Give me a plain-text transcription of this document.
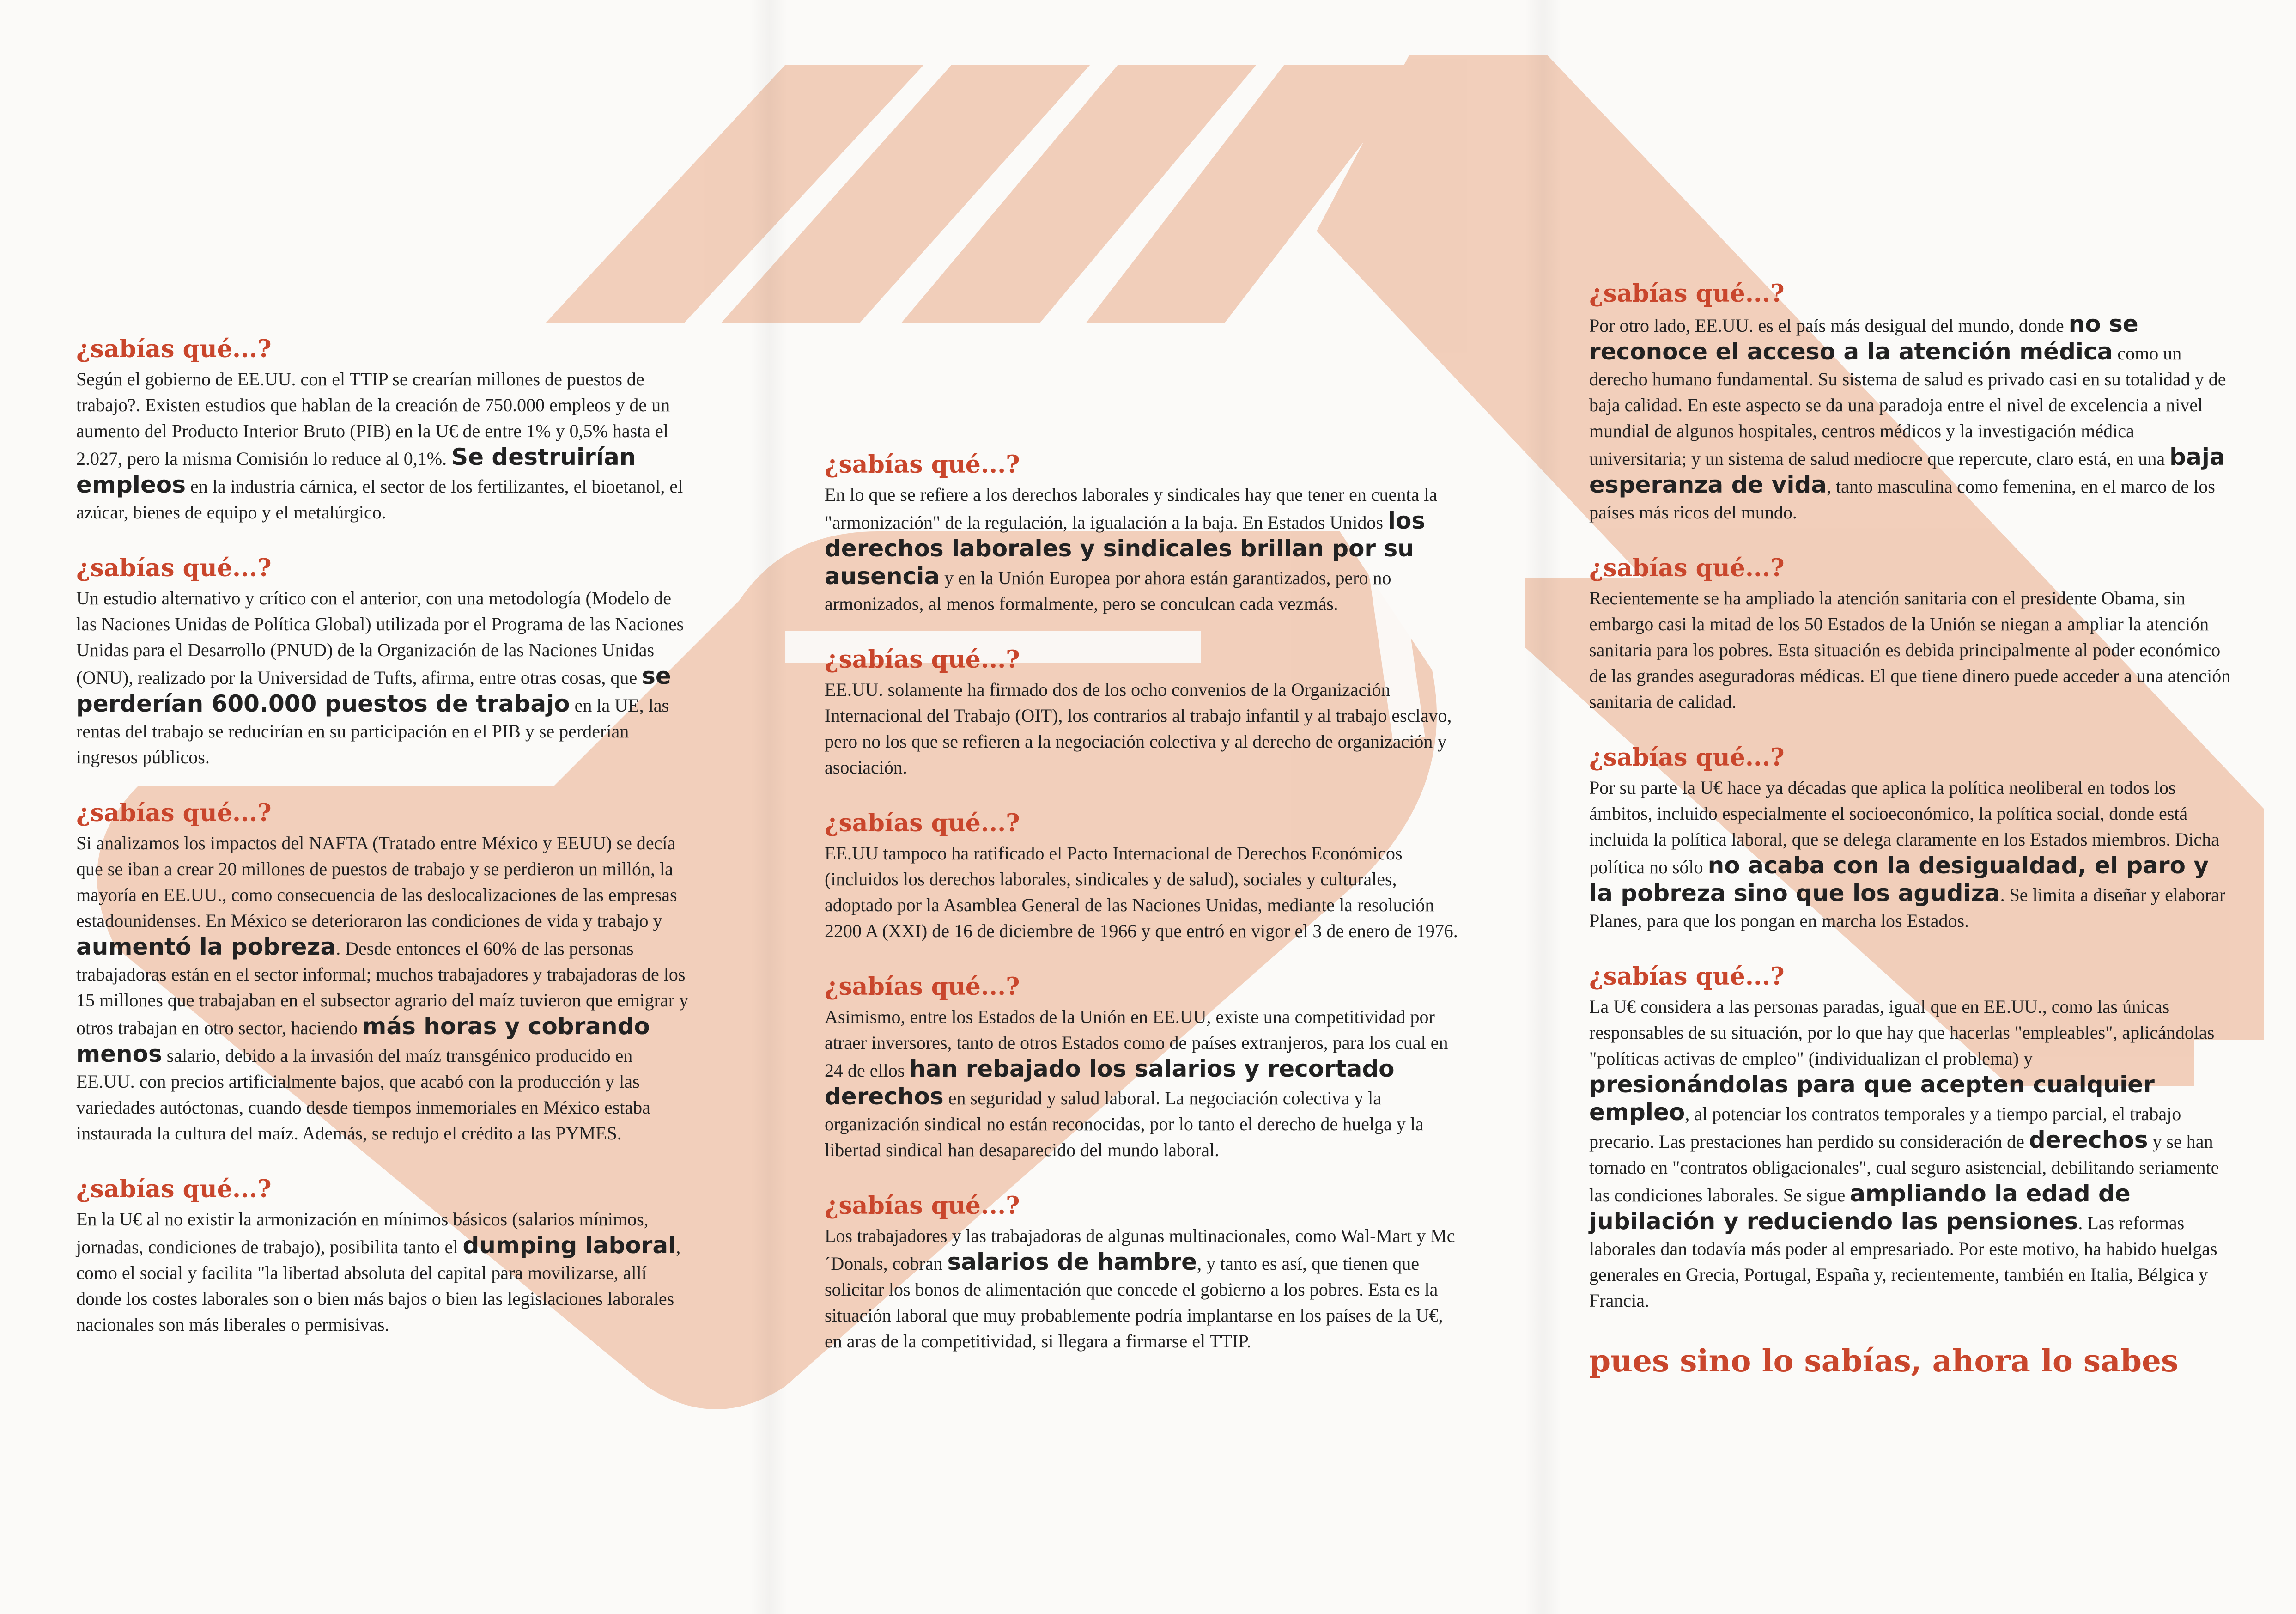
¿sabías qué...?

Según el gobierno de EE.UU. con el TTIP se crearían millones de puestos de trabajo?. Existen estudios que hablan de la creación de 750.000 empleos y de un aumento del Producto Interior Bruto (PIB) en la U€ de entre 1% y 0,5% hasta el 2.027, pero la misma Comisión lo reduce al 0,1%. Se destruirían empleos en la industria cárnica, el sector de los fertilizantes, el bioetanol, el azúcar, bienes de equipo y el metalúrgico.

¿sabías qué...?

Un estudio alternativo y crítico con el anterior, con una metodología (Modelo de las Naciones Unidas de Política Global) utilizada por el Programa de las Naciones Unidas para el Desarrollo (PNUD) de la Organización de las Naciones Unidas (ONU), realizado por la Universidad de Tufts, afirma, entre otras cosas, que se perderían 600.000 puestos de trabajo en la UE, las rentas del trabajo se reducirían en su participación en el PIB y se perderían ingresos públicos.

¿sabías qué...?

Si analizamos los impactos del NAFTA (Tratado entre México y EEUU) se decía que se iban a crear 20 millones de puestos de trabajo y se perdieron un millón, la mayoría en EE.UU., como consecuencia de las deslocalizaciones de las empresas estadounidenses. En México se deterioraron las condiciones de vida y trabajo y aumentó la pobreza. Desde entonces el 60% de las personas trabajadoras están en el sector informal; muchos trabajadores y trabajadoras de los 15 millones que trabajaban en el subsector agrario del maíz tuvieron que emigrar y otros trabajan en otro sector, haciendo más horas y cobrando menos salario, debido a la invasión del maíz transgénico producido en EE.UU. con precios artificialmente bajos, que acabó con la producción y las variedades autóctonas, cuando desde tiempos inmemoriales en México estaba instaurada la cultura del maíz. Además, se redujo el crédito a las PYMES.

¿sabías qué...?

En la U€ al no existir la armonización en mínimos básicos (salarios mínimos, jornadas, condiciones de trabajo), posibilita tanto el dumping laboral, como el social y facilita "la libertad absoluta del capital para movilizarse, allí donde los costes laborales son o bien más bajos o bien las legislaciones laborales nacionales son más liberales o permisivas.

¿sabías qué...?

En lo que se refiere a los derechos laborales y sindicales hay que tener en cuenta la "armonización" de la regulación, la igualación a la baja. En Estados Unidos los derechos laborales y sindicales brillan por su ausencia y en la Unión Europea por ahora están garantizados, pero no armonizados, al menos formalmente, pero se conculcan cada vezmás.

¿sabías qué...?

EE.UU. solamente ha firmado dos de los ocho convenios de la Organización Internacional del Trabajo (OIT), los contrarios al trabajo infantil y al trabajo esclavo, pero no los que se refieren a la negociación colectiva y al derecho de organización y asociación.

¿sabías qué...?

EE.UU tampoco ha ratificado el Pacto Internacional de Derechos Económicos (incluidos los derechos laborales, sindicales y de salud), sociales y culturales, adoptado por la Asamblea General de las Naciones Unidas, mediante la resolución 2200 A (XXI) de 16 de diciembre de 1966 y que entró en vigor el 3 de enero de 1976.

¿sabías qué...?

Asimismo, entre los Estados de la Unión en EE.UU, existe una competitividad por atraer inversores, tanto de otros Estados como de países extranjeros, para los cual en 24 de ellos han rebajado los salarios y recortado derechos en seguridad y salud laboral. La negociación colectiva y la organización sindical no están reconocidas, por lo tanto el derecho de huelga y la libertad sindical han desaparecido del mundo laboral.

¿sabías qué...?

Los trabajadores y las trabajadoras de algunas multinacionales, como Wal-Mart y Mc´Donals, cobran salarios de hambre, y tanto es así, que tienen que solicitar los bonos de alimentación que concede el gobierno a los pobres. Esta es la situación laboral que muy probablemente podría implantarse en los países de la U€, en aras de la competitividad, si llegara a firmarse el TTIP.

¿sabías qué...?

Por otro lado, EE.UU. es el país más desigual del mundo, donde no se reconoce el acceso a la atención médica como un derecho humano fundamental. Su sistema de salud es privado casi en su totalidad y de baja calidad. En este aspecto se da una paradoja entre el nivel de excelencia a nivel mundial de algunos hospitales, centros médicos y la investigación médica universitaria; y un sistema de salud mediocre que repercute, claro está, en una baja esperanza de vida, tanto masculina como femenina, en el marco de los países más ricos del mundo.

¿sabías qué...?

Recientemente se ha ampliado la atención sanitaria con el presidente Obama, sin embargo casi la mitad de los 50 Estados de la Unión se niegan a ampliar la atención sanitaria para los pobres. Esta situación es debida principalmente al poder económico de las grandes aseguradoras médicas. El que tiene dinero puede acceder a una atención sanitaria de calidad.

¿sabías qué...?

Por su parte la U€ hace ya décadas que aplica la política neoliberal en todos los ámbitos, incluido especialmente el socioeconómico, la política social, donde está incluida la política laboral, que se delega claramente en los Estados miembros. Dicha política no sólo no acaba con la desigualdad, el paro y la pobreza sino que los agudiza. Se limita a diseñar y elaborar Planes, para que los pongan en marcha los Estados.

¿sabías qué...?

La U€ considera a las personas paradas, igual que en EE.UU., como las únicas responsables de su situación, por lo que hay que hacerlas "empleables", aplicándolas "políticas activas de empleo" (individualizan el problema) y presionándolas para que acepten cualquier empleo, al potenciar los contratos temporales y a tiempo parcial, el trabajo precario. Las prestaciones han perdido su consideración de derechos y se han tornado en "contratos obligacionales", cual seguro asistencial, debilitando seriamente las condiciones laborales. Se sigue ampliando la edad de jubilación y reduciendo las pensiones. Las reformas laborales dan todavía más poder al empresariado. Por este motivo, ha habido huelgas generales en Grecia, Portugal, España y, recientemente, también en Italia, Bélgica y Francia.

pues sino lo sabías, ahora lo sabes
